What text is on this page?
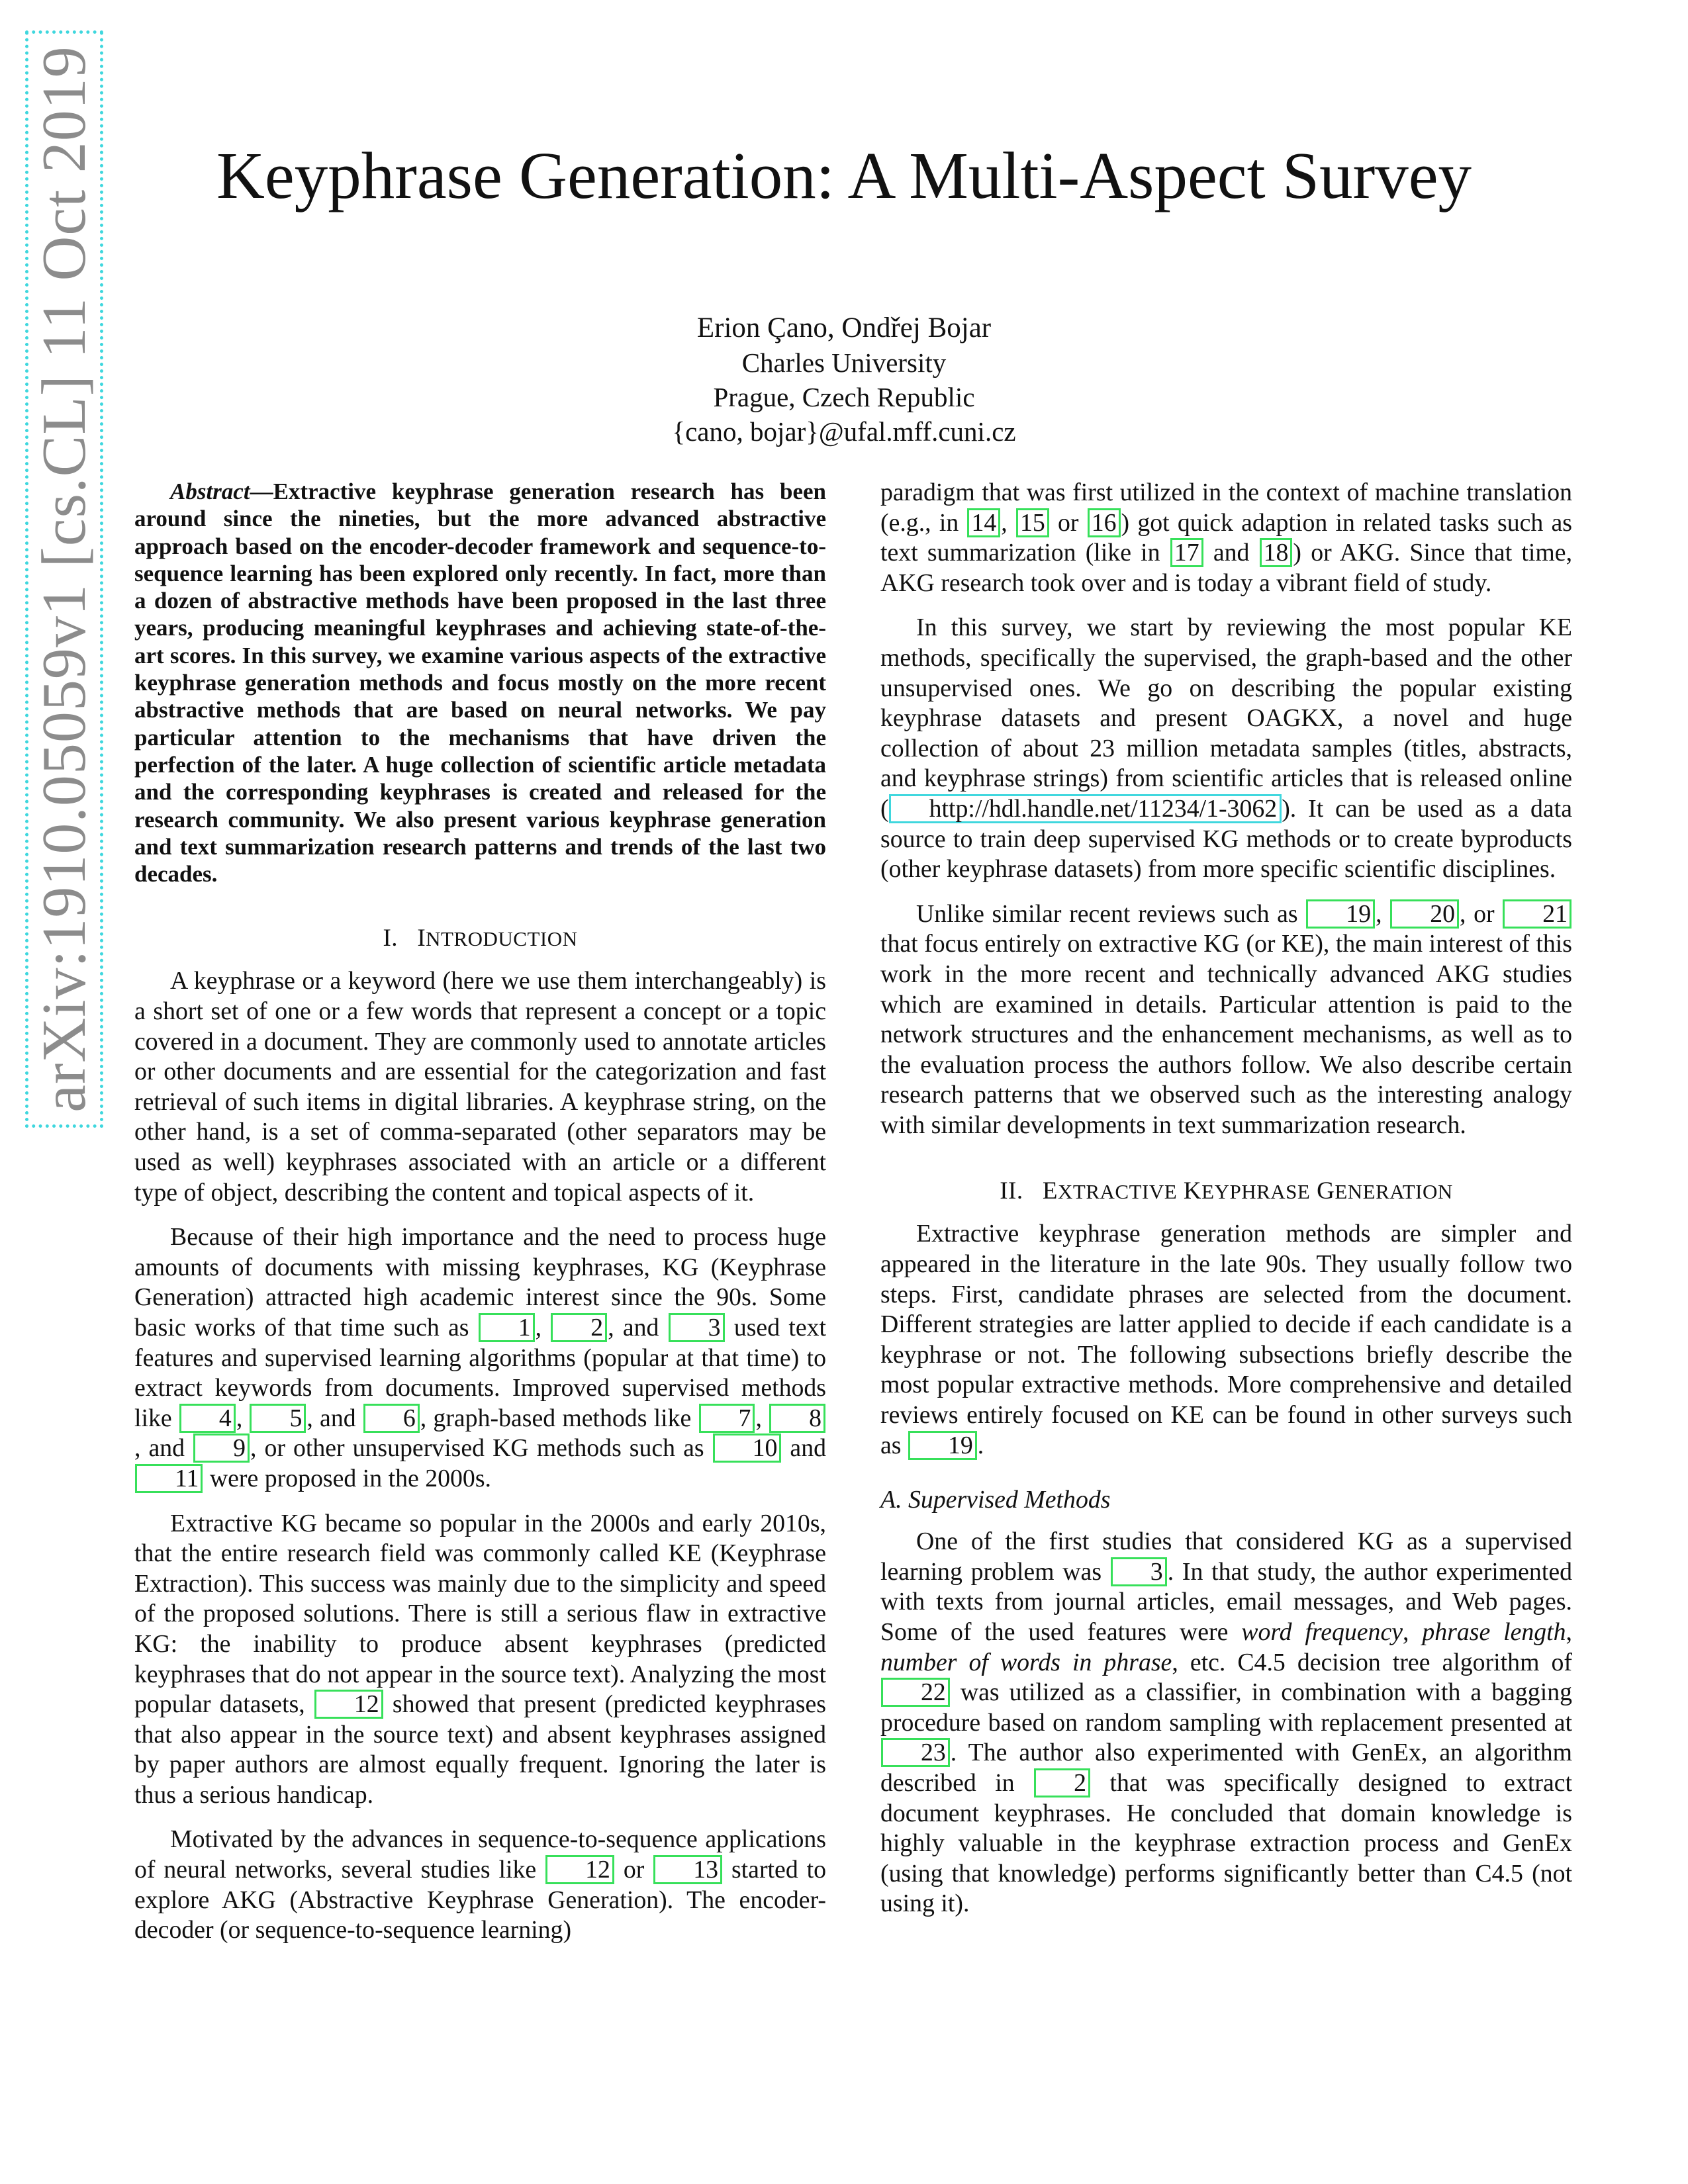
arXiv:1910.05059v1 [cs.CL] 11 Oct 2019	Keyphrase Generation: A Multi-Aspect Survey
Erion Çano, Ondřej Bojar
Charles University
Prague, Czech Republic
{cano, bojar}@ufal.mff.cuni.cz

Abstract—Extractive keyphrase generation research has been around since the nineties, but the more advanced abstractive approach based on the encoder-decoder framework and sequence-to-sequence learning has been explored only recently. In fact, more than a dozen of abstractive methods have been proposed in the last three years, producing meaningful keyphrases and achieving state-of-the-art scores. In this survey, we examine various aspects of the extractive keyphrase generation methods and focus mostly on the more recent abstractive methods that are based on neural networks. We pay particular attention to the mechanisms that have driven the perfection of the later. A huge collection of scientific article metadata and the corresponding keyphrases is created and released for the research community. We also present various keyphrase generation and text summarization research patterns and trends of the last two decades.

I. INTRODUCTION

A keyphrase or a keyword (here we use them interchangeably) is a short set of one or a few words that represent a concept or a topic covered in a document. They are commonly used to annotate articles or other documents and are essential for the categorization and fast retrieval of such items in digital libraries. A keyphrase string, on the other hand, is a set of comma-separated (other separators may be used as well) keyphrases associated with an article or a different type of object, describing the content and topical aspects of it.

Because of their high importance and the need to process huge amounts of documents with missing keyphrases, KG (Keyphrase Generation) attracted high academic interest since the 90s. Some basic works of that time such as 1 , 2 , and 3 used text features and supervised learning algorithms (popular at that time) to extract keywords from documents. Improved supervised methods like 4 , 5 , and 6 , graph-based methods like 7 , 8, and 9 , or other unsupervised KG methods such as 10 and 11 were proposed in the 2000s.

Extractive KG became so popular in the 2000s and early 2010s, that the entire research field was commonly called KE (Keyphrase Extraction). This success was mainly due to the simplicity and speed of the proposed solutions. There is still a serious flaw in extractive KG: the inability to produce absent keyphrases (predicted keyphrases that do not appear in the source text). Analyzing the most popular datasets, 12 showed that present (predicted keyphrases that also appear in the source text) and absent keyphrases assigned by paper authors are almost equally frequent. Ignoring the later is thus a serious handicap.

Motivated by the advances in sequence-to-sequence applications of neural networks, several studies like 12 or 13 started to explore AKG (Abstractive Keyphrase Generation). The encoder-decoder (or sequence-to-sequence learning)

paradigm that was first utilized in the context of machine translation (e.g., in 14 , 15 or 16 ) got quick adaption in related tasks such as text summarization (like in 17 and 18 ) or AKG. Since that time, AKG research took over and is today a vibrant field of study.

In this survey, we start by reviewing the most popular KE methods, specifically the supervised, the graph-based and the other unsupervised ones. We go on describing the popular existing keyphrase datasets and present OAGKX, a novel and huge collection of about 23 million metadata samples (titles, abstracts, and keyphrase strings) from scientific articles that is released online ( http://hdl.handle.net/11234/1-3062 ). It can be used as a data source to train deep supervised KG methods or to create byproducts (other keyphrase datasets) from more specific scientific disciplines.

Unlike similar recent reviews such as 19 , 20 , or 21 that focus entirely on extractive KG (or KE), the main interest of this work in the more recent and technically advanced AKG studies which are examined in details. Particular attention is paid to the network structures and the enhancement mechanisms, as well as to the evaluation process the authors follow. We also describe certain research patterns that we observed such as the interesting analogy with similar developments in text summarization research.

II. EXTRACTIVE KEYPHRASE GENERATION

Extractive keyphrase generation methods are simpler and appeared in the literature in the late 90s. They usually follow two steps. First, candidate phrases are selected from the document. Different strategies are latter applied to decide if each candidate is a keyphrase or not. The following subsections briefly describe the most popular extractive methods. More comprehensive and detailed reviews entirely focused on KE can be found in other surveys such as 19 .

A. Supervised Methods

One of the first studies that considered KG as a supervised learning problem was 3 . In that study, the author experimented with texts from journal articles, email messages, and Web pages. Some of the used features were word frequency, phrase length, number of words in phrase, etc. C4.5 decision tree algorithm of 22 was utilized as a classifier, in combination with a bagging procedure based on random sampling with replacement presented at 23 . The author also experimented with GenEx, an algorithm described in 2 that was specifically designed to extract document keyphrases. He concluded that domain knowledge is highly valuable in the keyphrase extraction process and GenEx (using that knowledge) performs significantly better than C4.5 (not using it).
